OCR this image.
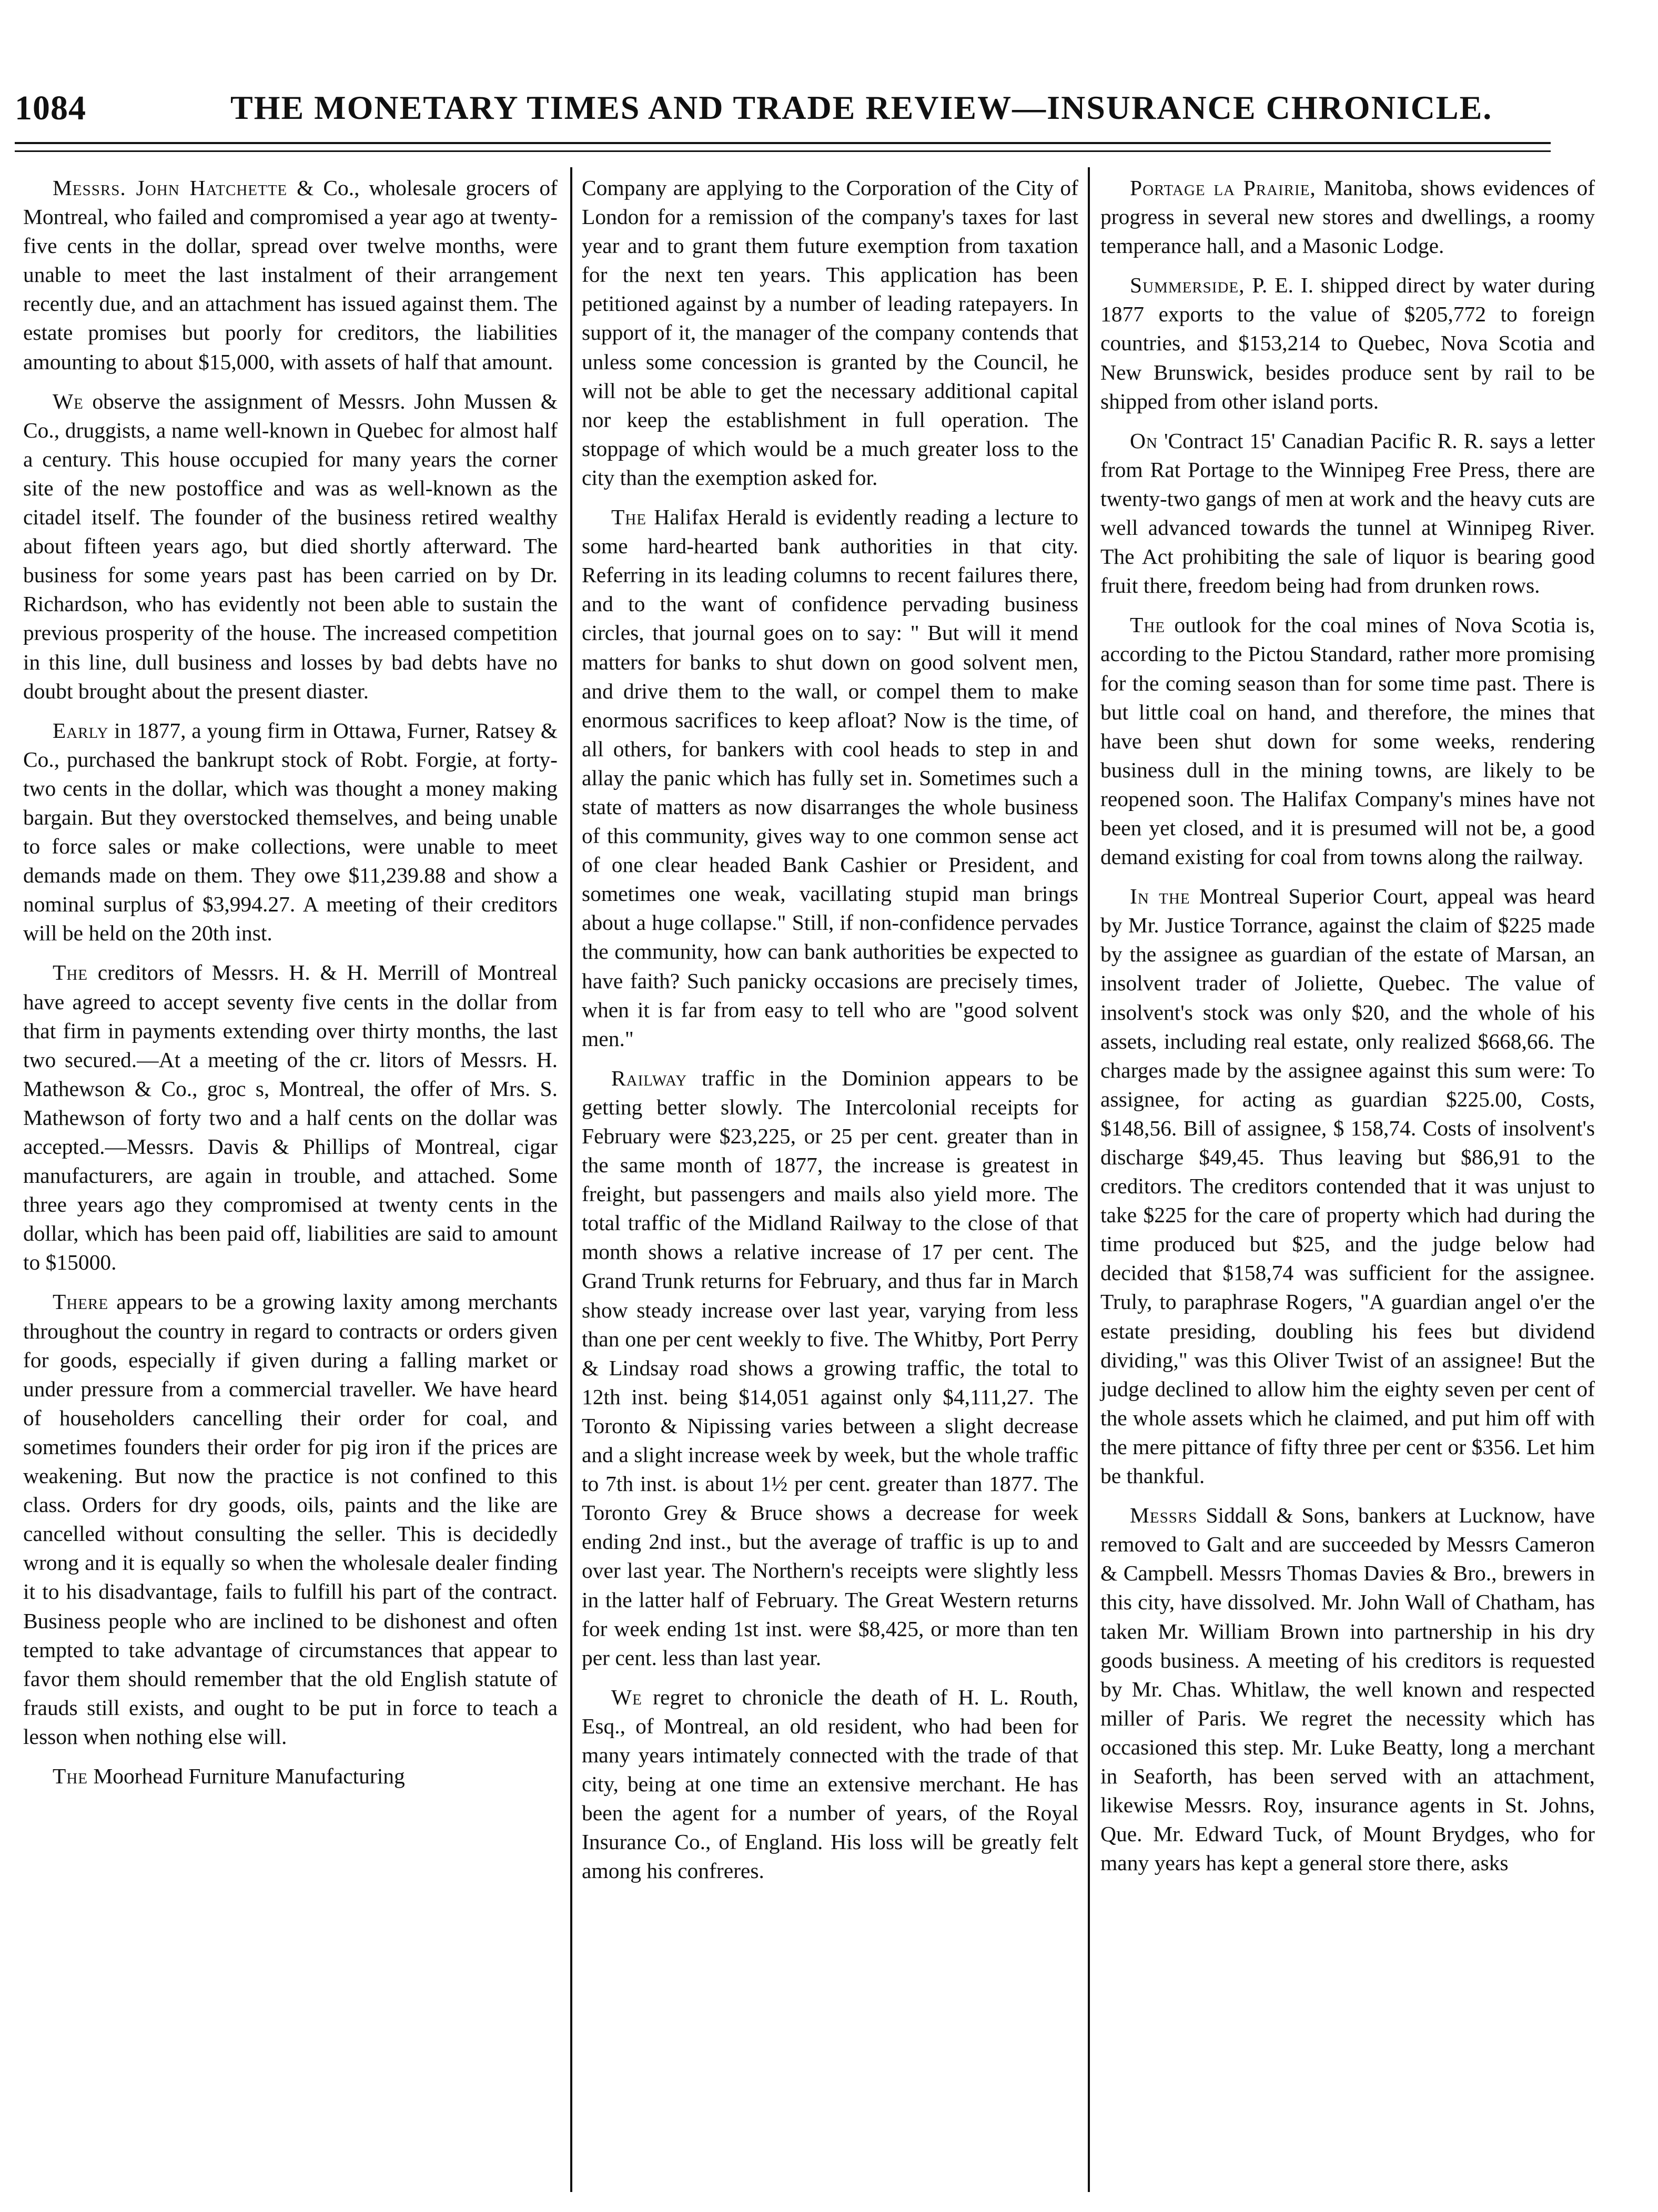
1084	THE MONETARY TIMES AND TRADE REVIEW—INSURANCE CHRONICLE.

Messrs. John Hatchette & Co., wholesale grocers of Montreal, who failed and compromised a year ago at twenty-five cents in the dollar, spread over twelve months, were unable to meet the last instalment of their arrangement recently due, and an attachment has issued against them. The estate promises but poorly for creditors, the liabilities amounting to about $15,000, with assets of half that amount.

We observe the assignment of Messrs. John Mussen & Co., druggists, a name well-known in Quebec for almost half a century. This house occupied for many years the corner site of the new postoffice and was as well-known as the citadel itself. The founder of the business retired wealthy about fifteen years ago, but died shortly afterward. The business for some years past has been carried on by Dr. Richardson, who has evidently not been able to sustain the previous prosperity of the house. The increased competition in this line, dull business and losses by bad debts have no doubt brought about the present diaster.

Early in 1877, a young firm in Ottawa, Furner, Ratsey & Co., purchased the bankrupt stock of Robt. Forgie, at forty-two cents in the dollar, which was thought a money making bargain. But they overstocked themselves, and being unable to force sales or make collections, were unable to meet demands made on them. They owe $11,239.88 and show a nominal surplus of $3,994.27. A meeting of their creditors will be held on the 20th inst.

The creditors of Messrs. H. & H. Merrill of Montreal have agreed to accept seventy five cents in the dollar from that firm in payments extending over thirty months, the last two secured.—At a meeting of the cr. litors of Messrs. H. Mathewson & Co., groc s, Montreal, the offer of Mrs. S. Mathewson of forty two and a half cents on the dollar was accepted.—Messrs. Davis & Phillips of Montreal, cigar manufacturers, are again in trouble, and attached. Some three years ago they compromised at twenty cents in the dollar, which has been paid off, liabilities are said to amount to $15000.

There appears to be a growing laxity among merchants throughout the country in regard to contracts or orders given for goods, especially if given during a falling market or under pressure from a commercial traveller. We have heard of householders cancelling their order for coal, and sometimes founders their order for pig iron if the prices are weakening. But now the practice is not confined to this class. Orders for dry goods, oils, paints and the like are cancelled without consulting the seller. This is decidedly wrong and it is equally so when the wholesale dealer finding it to his disadvantage, fails to fulfill his part of the contract. Business people who are inclined to be dishonest and often tempted to take advantage of circumstances that appear to favor them should remember that the old English statute of frauds still exists, and ought to be put in force to teach a lesson when nothing else will.

The Moorhead Furniture Manufacturing

Company are applying to the Corporation of the City of London for a remission of the company's taxes for last year and to grant them future exemption from taxation for the next ten years. This application has been petitioned against by a number of leading ratepayers. In support of it, the manager of the company contends that unless some concession is granted by the Council, he will not be able to get the necessary additional capital nor keep the establishment in full operation. The stoppage of which would be a much greater loss to the city than the exemption asked for.

The Halifax Herald is evidently reading a lecture to some hard-hearted bank authorities in that city. Referring in its leading columns to recent failures there, and to the want of confidence pervading business circles, that journal goes on to say: " But will it mend matters for banks to shut down on good solvent men, and drive them to the wall, or compel them to make enormous sacrifices to keep afloat? Now is the time, of all others, for bankers with cool heads to step in and allay the panic which has fully set in. Sometimes such a state of matters as now disarranges the whole business of this community, gives way to one common sense act of one clear headed Bank Cashier or President, and sometimes one weak, vacillating stupid man brings about a huge collapse." Still, if non-confidence pervades the community, how can bank authorities be expected to have faith? Such panicky occasions are precisely times, when it is far from easy to tell who are "good solvent men."

Railway traffic in the Dominion appears to be getting better slowly. The Intercolonial receipts for February were $23,225, or 25 per cent. greater than in the same month of 1877, the increase is greatest in freight, but passengers and mails also yield more. The total traffic of the Midland Railway to the close of that month shows a relative increase of 17 per cent. The Grand Trunk returns for February, and thus far in March show steady increase over last year, varying from less than one per cent weekly to five. The Whitby, Port Perry & Lindsay road shows a growing traffic, the total to 12th inst. being $14,051 against only $4,111,27. The Toronto & Nipissing varies between a slight decrease and a slight increase week by week, but the whole traffic to 7th inst. is about 1½ per cent. greater than 1877. The Toronto Grey & Bruce shows a decrease for week ending 2nd inst., but the average of traffic is up to and over last year. The Northern's receipts were slightly less in the latter half of February. The Great Western returns for week ending 1st inst. were $8,425, or more than ten per cent. less than last year.

We regret to chronicle the death of H. L. Routh, Esq., of Montreal, an old resident, who had been for many years intimately connected with the trade of that city, being at one time an extensive merchant. He has been the agent for a number of years, of the Royal Insurance Co., of England. His loss will be greatly felt among his confreres.

Portage la Prairie, Manitoba, shows evidences of progress in several new stores and dwellings, a roomy temperance hall, and a Masonic Lodge.

Summerside, P. E. I. shipped direct by water during 1877 exports to the value of $205,772 to foreign countries, and $153,214 to Quebec, Nova Scotia and New Brunswick, besides produce sent by rail to be shipped from other island ports.

On 'Contract 15' Canadian Pacific R. R. says a letter from Rat Portage to the Winnipeg Free Press, there are twenty-two gangs of men at work and the heavy cuts are well advanced towards the tunnel at Winnipeg River. The Act prohibiting the sale of liquor is bearing good fruit there, freedom being had from drunken rows.

The outlook for the coal mines of Nova Scotia is, according to the Pictou Standard, rather more promising for the coming season than for some time past. There is but little coal on hand, and therefore, the mines that have been shut down for some weeks, rendering business dull in the mining towns, are likely to be reopened soon. The Halifax Company's mines have not been yet closed, and it is presumed will not be, a good demand existing for coal from towns along the railway.

In the Montreal Superior Court, appeal was heard by Mr. Justice Torrance, against the claim of $225 made by the assignee as guardian of the estate of Marsan, an insolvent trader of Joliette, Quebec. The value of insolvent's stock was only $20, and the whole of his assets, including real estate, only realized $668,66. The charges made by the assignee against this sum were: To assignee, for acting as guardian $225.00, Costs, $148,56. Bill of assignee, $ 158,74. Costs of insolvent's discharge $49,45. Thus leaving but $86,91 to the creditors. The creditors contended that it was unjust to take $225 for the care of property which had during the time produced but $25, and the judge below had decided that $158,74 was sufficient for the assignee. Truly, to paraphrase Rogers, "A guardian angel o'er the estate presiding, doubling his fees but dividend dividing," was this Oliver Twist of an assignee! But the judge declined to allow him the eighty seven per cent of the whole assets which he claimed, and put him off with the mere pittance of fifty three per cent or $356. Let him be thankful.

Messrs Siddall & Sons, bankers at Lucknow, have removed to Galt and are succeeded by Messrs Cameron & Campbell. Messrs Thomas Davies & Bro., brewers in this city, have dissolved. Mr. John Wall of Chatham, has taken Mr. William Brown into partnership in his dry goods business. A meeting of his creditors is requested by Mr. Chas. Whitlaw, the well known and respected miller of Paris. We regret the necessity which has occasioned this step. Mr. Luke Beatty, long a merchant in Seaforth, has been served with an attachment, likewise Messrs. Roy, insurance agents in St. Johns, Que. Mr. Edward Tuck, of Mount Brydges, who for many years has kept a general store there, asks
